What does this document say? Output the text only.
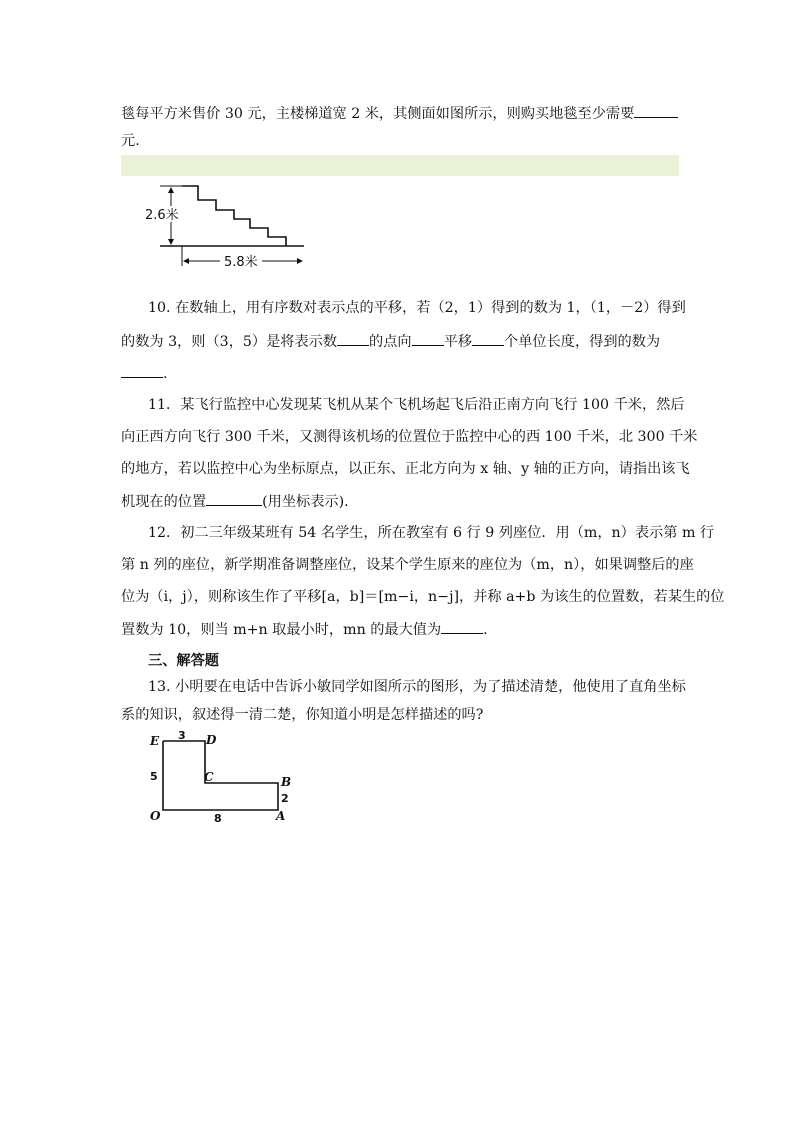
毯每平方米售价 30 元，主楼梯道宽 2 米，其侧面如图所示，则购买地毯至少需要
元.
2.6米
5.8米
10. 在数轴上，用有序数对表示点的平移，若（2，1）得到的数为 1，（1，－2）得到
的数为 3，则（3，5）是将表示数 的点向 平移 个单位长度，得到的数为
.
11．某飞行监控中心发现某飞机从某个飞机场起飞后沿正南方向飞行 100 千米，然后
向正西方向飞行 300 千米，又测得该机场的位置位于监控中心的西 100 千米，北 300 千米
的地方，若以监控中心为坐标原点，以正东、正北方向为 x 轴、y 轴的正方向，请指出该飞
机现在的位置	(用坐标表示)．
12．初二三年级某班有 54 名学生，所在教室有 6 行 9 列座位．用（m，n）表示第 m 行
第 n 列的座位，新学期准备调整座位，设某个学生原来的座位为（m，n），如果调整后的座
位为（i，j），则称该生作了平移[a，b]＝[m−i，n−j]，并称 a+b 为该生的位置数，若某生的位
置数为 10，则当 m+n 取最小时，mn 的最大值为	.
三、解答题
13. 小明要在电话中告诉小敏同学如图所示的图形，为了描述清楚，他使用了直角坐标
系的知识，叙述得一清二楚，你知道小明是怎样描述的吗?
E	D
C	B
O	A
3
5
2
8
